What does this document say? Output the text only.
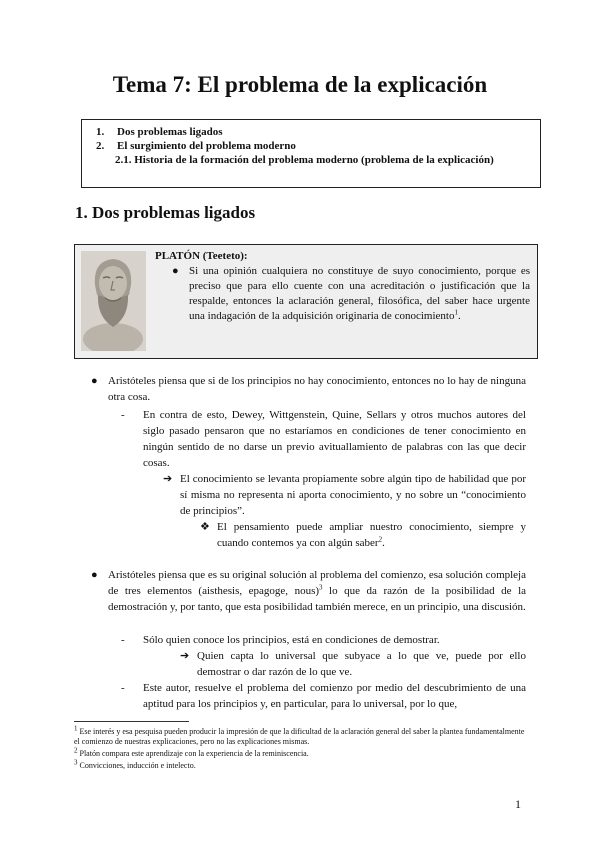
Tema 7: El problema de la explicación
1. Dos problemas ligados
2. El surgimiento del problema moderno
2.1. Historia de la formación del problema moderno (problema de la explicación)
1. Dos problemas ligados
PLATÓN (Teeteto):
● Si una opinión cualquiera no constituye de suyo conocimiento, porque es preciso que para ello cuente con una acreditación o justificación que la respalde, entonces la aclaración general, filosófica, del saber hace urgente una indagación de la adquisición originaria de conocimiento$^1$.
● Aristóteles piensa que si de los principios no hay conocimiento, entonces no lo hay de ninguna otra cosa.
- En contra de esto, Dewey, Wittgenstein, Quine, Sellars y otros muchos autores del siglo pasado pensaron que no estaríamos en condiciones de tener conocimiento en ningún sentido de no darse un previo avituallamiento de palabras con las que decir cosas.
➔ El conocimiento se levanta propiamente sobre algún tipo de habilidad que por sí misma no representa ni aporta conocimiento, y no sobre un “conocimiento de principios”.
❖ El pensamiento puede ampliar nuestro conocimiento, siempre y cuando contemos ya con algún saber$^2$.
● Aristóteles piensa que es su original solución al problema del comienzo, esa solución compleja de tres elementos (aisthesis, epagoge, nous)$^3$ lo que da razón de la posibilidad de la demostración y, por tanto, que esta posibilidad también merece, en un principio, una discusión.
- Sólo quien conoce los principios, está en condiciones de demostrar.
➔ Quien capta lo universal que subyace a lo que ve, puede por ello demostrar o dar razón de lo que ve.
- Este autor, resuelve el problema del comienzo por medio del descubrimiento de una aptitud para los principios y, en particular, para lo universal, por lo que,
$^1$ Ese interés y esa pesquisa pueden producir la impresión de que la dificultad de la aclaración general del saber la plantea fundamentalmente el comienzo de nuestras explicaciones, pero no las explicaciones mismas.
$^2$ Platón compara este aprendizaje con la experiencia de la reminiscencia.
$^3$ Convicciones, inducción e intelecto.
1
